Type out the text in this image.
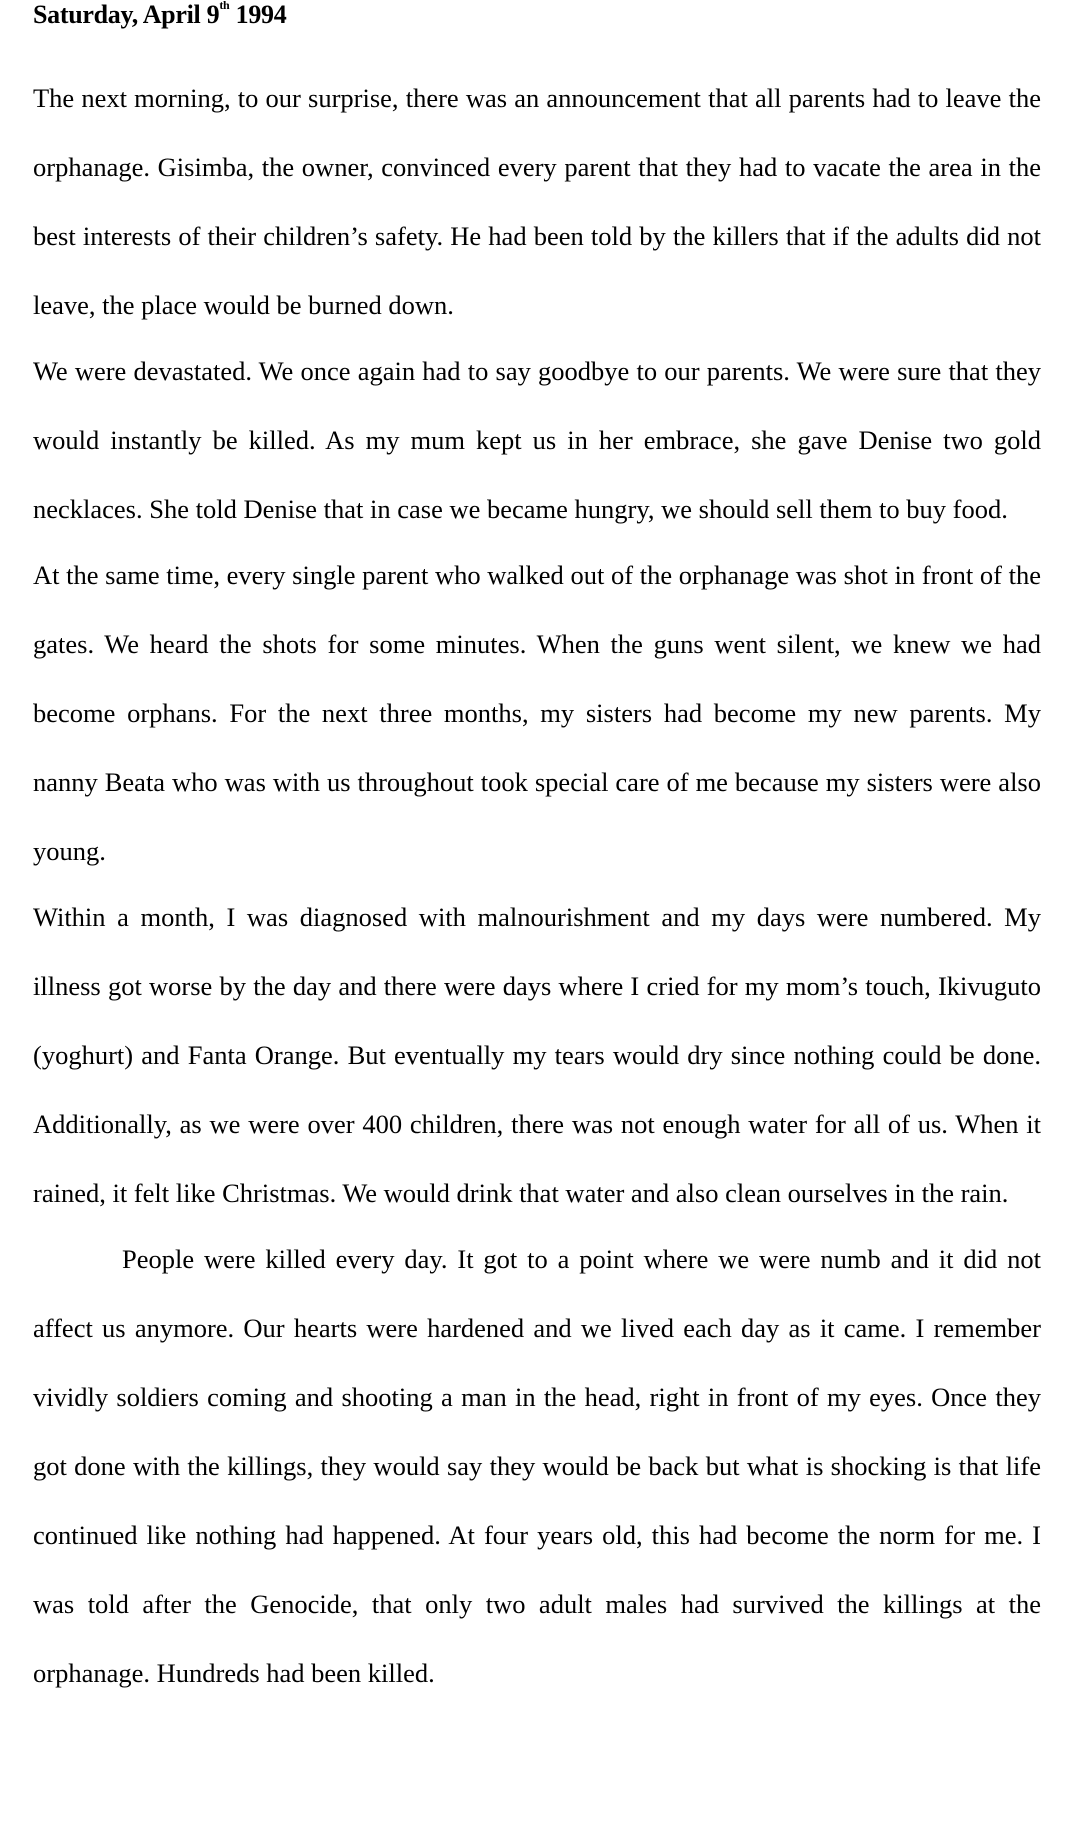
Saturday, April 9th 1994

The next morning, to our surprise, there was an announcement that all parents had to leave the orphanage. Gisimba, the owner, convinced every parent that they had to vacate the area in the best interests of their children’s safety. He had been told by the killers that if the adults did not leave, the place would be burned down.

We were devastated. We once again had to say goodbye to our parents. We were sure that they would instantly be killed. As my mum kept us in her embrace, she gave Denise two gold necklaces. She told Denise that in case we became hungry, we should sell them to buy food.

At the same time, every single parent who walked out of the orphanage was shot in front of the gates. We heard the shots for some minutes. When the guns went silent, we knew we had become orphans. For the next three months, my sisters had become my new parents. My nanny Beata who was with us throughout took special care of me because my sisters were also young.

Within a month, I was diagnosed with malnourishment and my days were numbered. My illness got worse by the day and there were days where I cried for my mom’s touch, Ikivuguto (yoghurt) and Fanta Orange. But eventually my tears would dry since nothing could be done. Additionally, as we were over 400 children, there was not enough water for all of us. When it rained, it felt like Christmas. We would drink that water and also clean ourselves in the rain.

People were killed every day. It got to a point where we were numb and it did not affect us anymore. Our hearts were hardened and we lived each day as it came. I remember vividly soldiers coming and shooting a man in the head, right in front of my eyes. Once they got done with the killings, they would say they would be back but what is shocking is that life continued like nothing had happened. At four years old, this had become the norm for me. I was told after the Genocide, that only two adult males had survived the killings at the orphanage. Hundreds had been killed.
